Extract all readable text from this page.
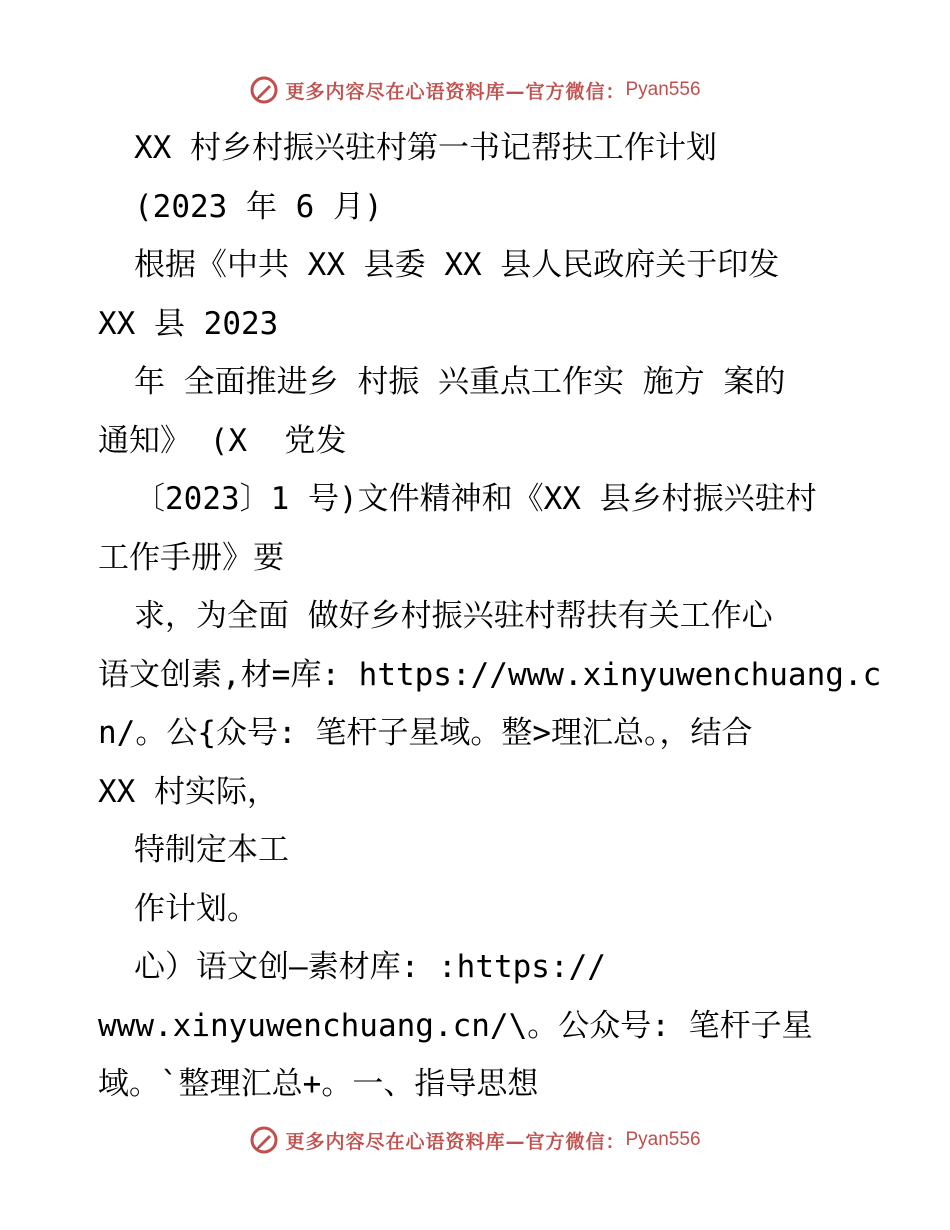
更多内容尽在心语资料库—官方微信： Pyan556
XX 村乡村振兴驻村第一书记帮扶工作计划
(2023 年 6 月)
根据《中共 XX 县委 XX 县人民政府关于印发
XX 县 2023
年 全面推进乡 村振 兴重点工作实 施方 案的
通知》 (X  党发
〔2023〕1 号)文件精神和《XX 县乡村振兴驻村
工作手册》要
求，为全面 做好乡村振兴驻村帮扶有关工作心
语文创素,材=库: https://www.xinyuwenchuang.c
n/。公{众号: 笔杆子星域。整>理汇总。，结合
XX 村实际，
特制定本工
作计划。
心）语文创—素材库: :https://
www.xinyuwenchuang.cn/\。公众号: 笔杆子星
域。`整理汇总+。一、指导思想
更多内容尽在心语资料库—官方微信： Pyan556
